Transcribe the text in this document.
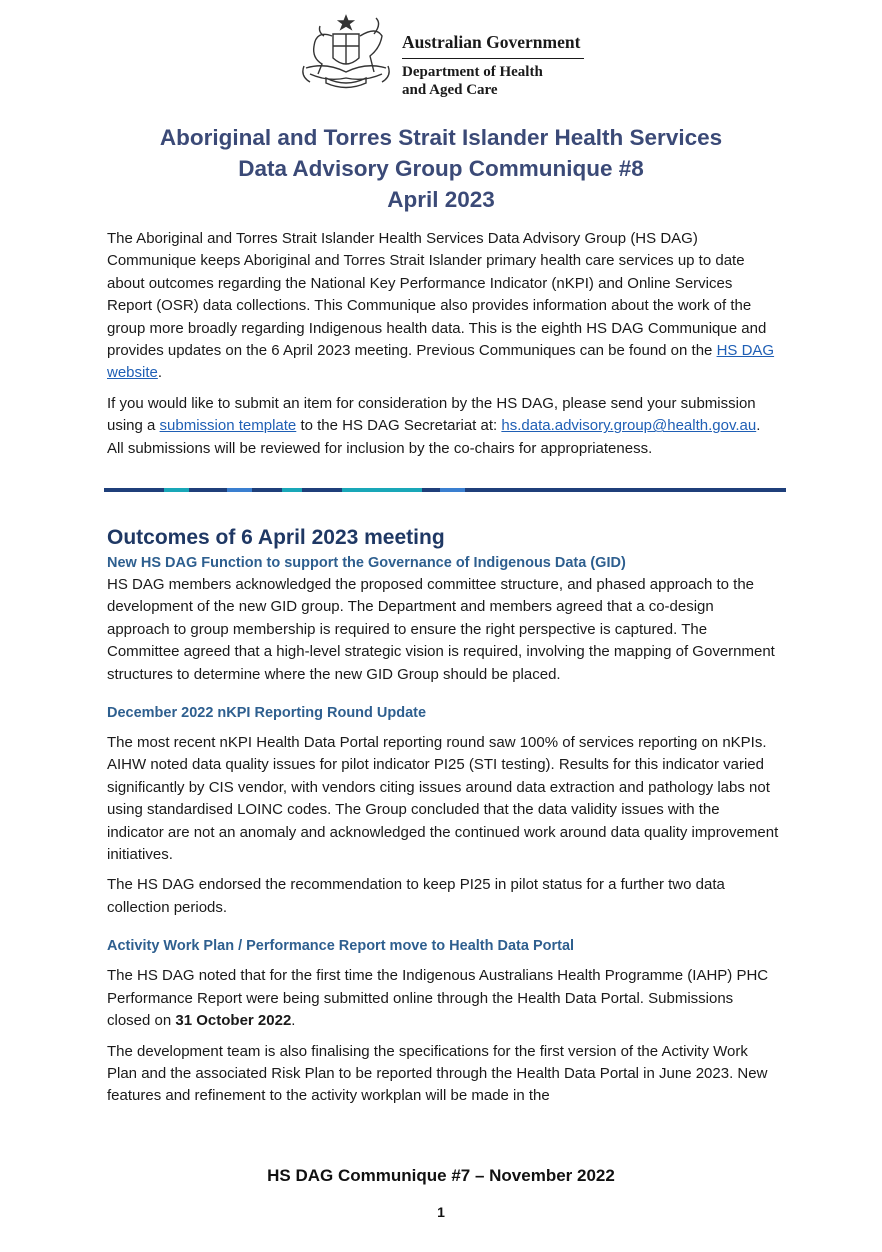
Australian Government
Department of Health
and Aged Care
Aboriginal and Torres Strait Islander Health Services
Data Advisory Group Communique #8
April 2023

The Aboriginal and Torres Strait Islander Health Services Data Advisory Group (HS DAG) Communique keeps Aboriginal and Torres Strait Islander primary health care services up to date about outcomes regarding the National Key Performance Indicator (nKPI) and Online Services Report (OSR) data collections. This Communique also provides information about the work of the group more broadly regarding Indigenous health data. This is the eighth HS DAG Communique and provides updates on the 6 April 2023 meeting. Previous Communiques can be found on the HS DAG website.

If you would like to submit an item for consideration by the HS DAG, please send your submission using a submission template to the HS DAG Secretariat at: hs.data.advisory.group@health.gov.au. All submissions will be reviewed for inclusion by the co-chairs for appropriateness.

Outcomes of 6 April 2023 meeting
New HS DAG Function to support the Governance of Indigenous Data (GID)

HS DAG members acknowledged the proposed committee structure, and phased approach to the development of the new GID group. The Department and members agreed that a co-design approach to group membership is required to ensure the right perspective is captured. The Committee agreed that a high-level strategic vision is required, involving the mapping of Government structures to determine where the new GID Group should be placed.

December 2022 nKPI Reporting Round Update

The most recent nKPI Health Data Portal reporting round saw 100% of services reporting on nKPIs. AIHW noted data quality issues for pilot indicator PI25 (STI testing). Results for this indicator varied significantly by CIS vendor, with vendors citing issues around data extraction and pathology labs not using standardised LOINC codes. The Group concluded that the data validity issues with the indicator are not an anomaly and acknowledged the continued work around data quality improvement initiatives.

The HS DAG endorsed the recommendation to keep PI25 in pilot status for a further two data collection periods.

Activity Work Plan / Performance Report move to Health Data Portal

The HS DAG noted that for the first time the Indigenous Australians Health Programme (IAHP) PHC Performance Report were being submitted online through the Health Data Portal. Submissions closed on 31 October 2022.

The development team is also finalising the specifications for the first version of the Activity Work Plan and the associated Risk Plan to be reported through the Health Data Portal in June 2023. New features and refinement to the activity workplan will be made in the

HS DAG Communique #7 – November 2022
1
